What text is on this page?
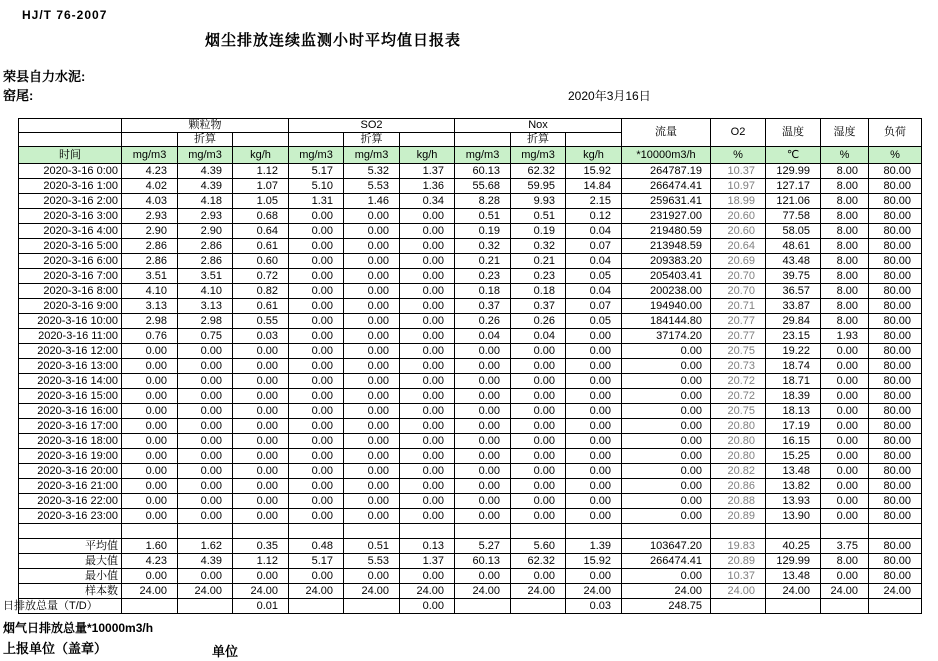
HJ/T 76-2007
烟尘排放连续监测小时平均值日报表
荣县自力水泥:
窑尾:	2020年3月16日
	颗粒物			SO2			Nox			流量	O2	温度	湿度	负荷
		折算			折算			折算						
时间	mg/m3	mg/m3	kg/h	mg/m3	mg/m3	kg/h	mg/m3	mg/m3	kg/h	*10000m3/h	%	℃	%	%
2020-3-16 0:00	4.23	4.39	1.12	5.17	5.32	1.37	60.13	62.32	15.92	264787.19	10.37	129.99	8.00	80.00
2020-3-16 1:00	4.02	4.39	1.07	5.10	5.53	1.36	55.68	59.95	14.84	266474.41	10.97	127.17	8.00	80.00
2020-3-16 2:00	4.03	4.18	1.05	1.31	1.46	0.34	8.28	9.93	2.15	259631.41	18.99	121.06	8.00	80.00
2020-3-16 3:00	2.93	2.93	0.68	0.00	0.00	0.00	0.51	0.51	0.12	231927.00	20.60	77.58	8.00	80.00
2020-3-16 4:00	2.90	2.90	0.64	0.00	0.00	0.00	0.19	0.19	0.04	219480.59	20.60	58.05	8.00	80.00
2020-3-16 5:00	2.86	2.86	0.61	0.00	0.00	0.00	0.32	0.32	0.07	213948.59	20.64	48.61	8.00	80.00
2020-3-16 6:00	2.86	2.86	0.60	0.00	0.00	0.00	0.21	0.21	0.04	209383.20	20.69	43.48	8.00	80.00
2020-3-16 7:00	3.51	3.51	0.72	0.00	0.00	0.00	0.23	0.23	0.05	205403.41	20.70	39.75	8.00	80.00
2020-3-16 8:00	4.10	4.10	0.82	0.00	0.00	0.00	0.18	0.18	0.04	200238.00	20.70	36.57	8.00	80.00
2020-3-16 9:00	3.13	3.13	0.61	0.00	0.00	0.00	0.37	0.37	0.07	194940.00	20.71	33.87	8.00	80.00
2020-3-16 10:00	2.98	2.98	0.55	0.00	0.00	0.00	0.26	0.26	0.05	184144.80	20.77	29.84	8.00	80.00
2020-3-16 11:00	0.76	0.75	0.03	0.00	0.00	0.00	0.04	0.04	0.00	37174.20	20.77	23.15	1.93	80.00
2020-3-16 12:00	0.00	0.00	0.00	0.00	0.00	0.00	0.00	0.00	0.00	0.00	20.75	19.22	0.00	80.00
2020-3-16 13:00	0.00	0.00	0.00	0.00	0.00	0.00	0.00	0.00	0.00	0.00	20.73	18.74	0.00	80.00
2020-3-16 14:00	0.00	0.00	0.00	0.00	0.00	0.00	0.00	0.00	0.00	0.00	20.72	18.71	0.00	80.00
2020-3-16 15:00	0.00	0.00	0.00	0.00	0.00	0.00	0.00	0.00	0.00	0.00	20.72	18.39	0.00	80.00
2020-3-16 16:00	0.00	0.00	0.00	0.00	0.00	0.00	0.00	0.00	0.00	0.00	20.75	18.13	0.00	80.00
2020-3-16 17:00	0.00	0.00	0.00	0.00	0.00	0.00	0.00	0.00	0.00	0.00	20.80	17.19	0.00	80.00
2020-3-16 18:00	0.00	0.00	0.00	0.00	0.00	0.00	0.00	0.00	0.00	0.00	20.80	16.15	0.00	80.00
2020-3-16 19:00	0.00	0.00	0.00	0.00	0.00	0.00	0.00	0.00	0.00	0.00	20.80	15.25	0.00	80.00
2020-3-16 20:00	0.00	0.00	0.00	0.00	0.00	0.00	0.00	0.00	0.00	0.00	20.82	13.48	0.00	80.00
2020-3-16 21:00	0.00	0.00	0.00	0.00	0.00	0.00	0.00	0.00	0.00	0.00	20.86	13.82	0.00	80.00
2020-3-16 22:00	0.00	0.00	0.00	0.00	0.00	0.00	0.00	0.00	0.00	0.00	20.88	13.93	0.00	80.00
2020-3-16 23:00	0.00	0.00	0.00	0.00	0.00	0.00	0.00	0.00	0.00	0.00	20.89	13.90	0.00	80.00

平均值	1.60	1.62	0.35	0.48	0.51	0.13	5.27	5.60	1.39	103647.20	19.83	40.25	3.75	80.00
最大值	4.23	4.39	1.12	5.17	5.53	1.37	60.13	62.32	15.92	266474.41	20.89	129.99	8.00	80.00
最小值	0.00	0.00	0.00	0.00	0.00	0.00	0.00	0.00	0.00	0.00	10.37	13.48	0.00	80.00
样本数	24.00	24.00	24.00	24.00	24.00	24.00	24.00	24.00	24.00	24.00	24.00	24.00	24.00	24.00
日排放总量（T/D）			0.01			0.00			0.03	248.75				
烟气日排放总量*10000m3/h
上报单位（盖章）	单位
